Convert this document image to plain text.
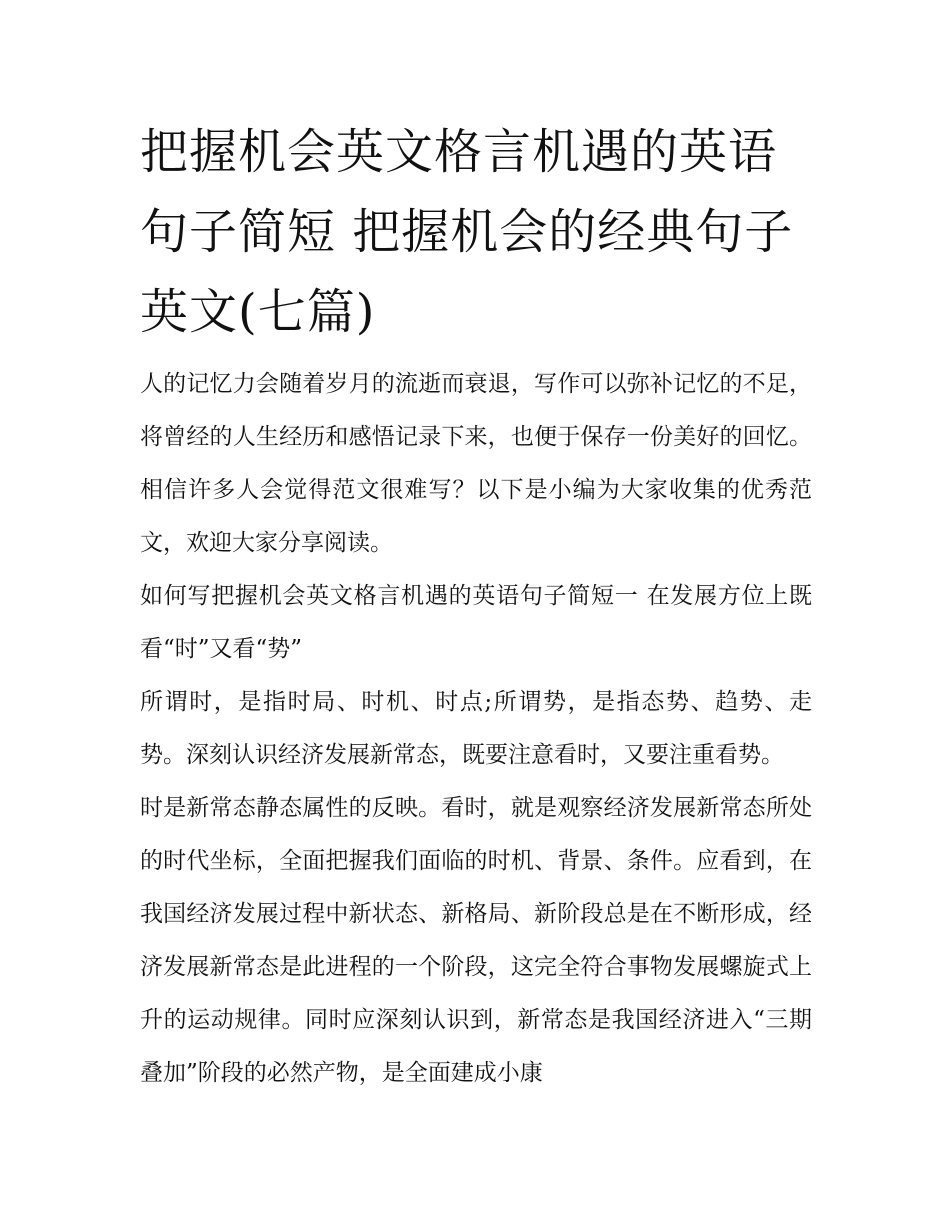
把握机会英文格言机遇的英语句子简短 把握机会的经典句子英文(七篇)

人的记忆力会随着岁月的流逝而衰退，写作可以弥补记忆的不足，将曾经的人生经历和感悟记录下来，也便于保存一份美好的回忆。相信许多人会觉得范文很难写？以下是小编为大家收集的优秀范文，欢迎大家分享阅读。

如何写把握机会英文格言机遇的英语句子简短一 在发展方位上既看“时”又看“势”

所谓时，是指时局、时机、时点;所谓势，是指态势、趋势、走势。深刻认识经济发展新常态，既要注意看时，又要注重看势。

时是新常态静态属性的反映。看时，就是观察经济发展新常态所处的时代坐标，全面把握我们面临的时机、背景、条件。应看到，在我国经济发展过程中新状态、新格局、新阶段总是在不断形成，经济发展新常态是此进程的一个阶段，这完全符合事物发展螺旋式上升的运动规律。同时应深刻认识到，新常态是我国经济进入“三期叠加”阶段的必然产物，是全面建成小康
